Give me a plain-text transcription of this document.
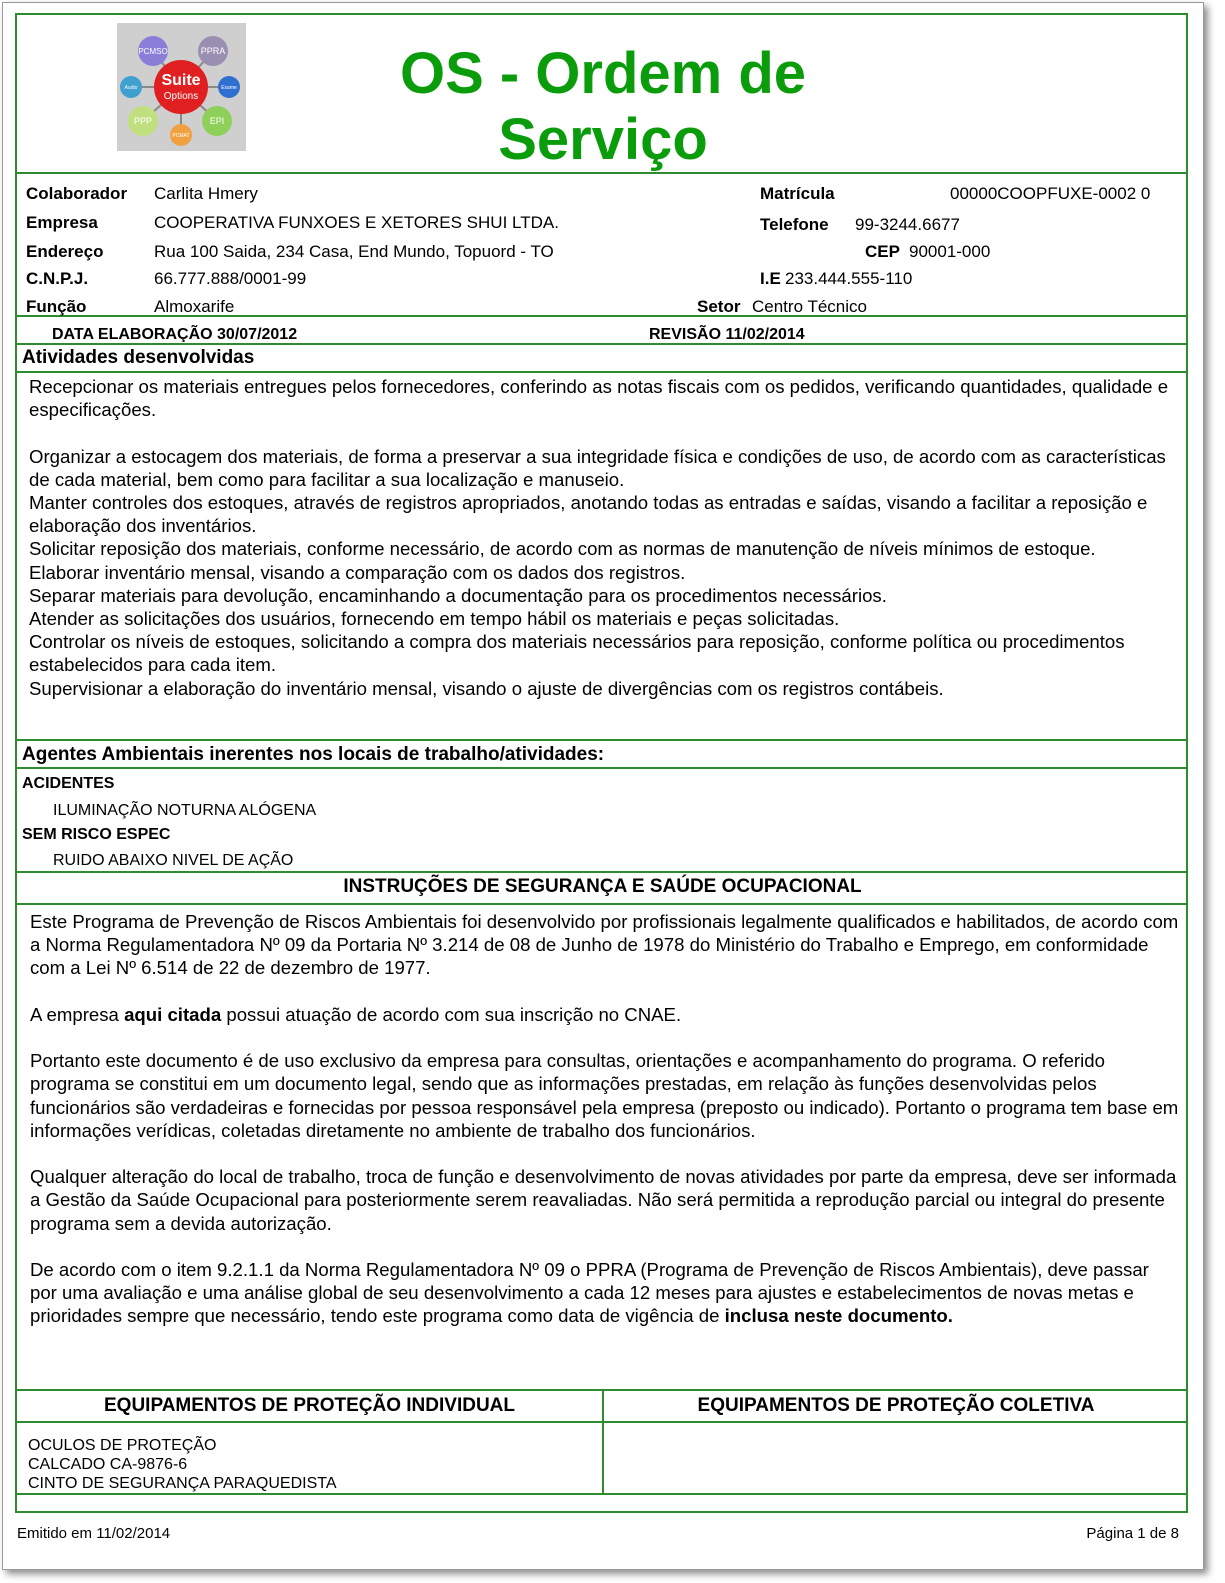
Suite
Options
PCMSO	PPRA
Exame
EPI
PCMAT
PPP
Audio	OS - Ordem de Serviço
Colaborador Carlita Hmery	Matrícula	00000COOPFUXE-0002 0
Empresa	COOPERATIVA FUNXOES E XETORES SHUI LTDA.	Telefone 99-3244.6677
Endereço	Rua 100 Saida, 234 Casa, End Mundo, Topuord - TO	CEP 90001-000
C.N.P.J.	66.777.888/0001-99	I.E 233.444.555-110
Função	Almoxarife	Setor Centro Técnico
DATA ELABORAÇÃO 30/07/2012	REVISÃO 11/02/2014
Atividades desenvolvidas

Recepcionar os materiais entregues pelos fornecedores, conferindo as notas fiscais com os pedidos, verificando quantidades, qualidade e especificações.

Organizar a estocagem dos materiais, de forma a preservar a sua integridade física e condições de uso, de acordo com as características de cada material, bem como para facilitar a sua localização e manuseio.

Manter controles dos estoques, através de registros apropriados, anotando todas as entradas e saídas, visando a facilitar a reposição e elaboração dos inventários.

Solicitar reposição dos materiais, conforme necessário, de acordo com as normas de manutenção de níveis mínimos de estoque.

Elaborar inventário mensal, visando a comparação com os dados dos registros.

Separar materiais para devolução, encaminhando a documentação para os procedimentos necessários.

Atender as solicitações dos usuários, fornecendo em tempo hábil os materiais e peças solicitadas.

Controlar os níveis de estoques, solicitando a compra dos materiais necessários para reposição, conforme política ou procedimentos estabelecidos para cada item.

Supervisionar a elaboração do inventário mensal, visando o ajuste de divergências com os registros contábeis.

Agentes Ambientais inerentes nos locais de trabalho/atividades:
ACIDENTES
ILUMINAÇÃO NOTURNA ALÓGENA
SEM RISCO ESPEC
RUIDO ABAIXO NIVEL DE AÇÃO
INSTRUÇÕES DE SEGURANÇA E SAÚDE OCUPACIONAL

Este Programa de Prevenção de Riscos Ambientais foi desenvolvido por profissionais legalmente qualificados e habilitados, de acordo com a Norma Regulamentadora Nº 09 da Portaria Nº 3.214 de 08 de Junho de 1978 do Ministério do Trabalho e Emprego, em conformidade com a Lei Nº 6.514 de 22 de dezembro de 1977.

A empresa aqui citada possui atuação de acordo com sua inscrição no CNAE.

Portanto este documento é de uso exclusivo da empresa para consultas, orientações e acompanhamento do programa. O referido programa se constitui em um documento legal, sendo que as informações prestadas, em relação às funções desenvolvidas pelos funcionários são verdadeiras e fornecidas por pessoa responsável pela empresa (preposto ou indicado). Portanto o programa tem base em informações verídicas, coletadas diretamente no ambiente de trabalho dos funcionários.

Qualquer alteração do local de trabalho, troca de função e desenvolvimento de novas atividades por parte da empresa, deve ser informada a Gestão da Saúde Ocupacional para posteriormente serem reavaliadas. Não será permitida a reprodução parcial ou integral do presente programa sem a devida autorização.

De acordo com o item 9.2.1.1 da Norma Regulamentadora Nº 09 o PPRA (Programa de Prevenção de Riscos Ambientais), deve passar por uma avaliação e uma análise global de seu desenvolvimento a cada 12 meses para ajustes e estabelecimentos de novas metas e prioridades sempre que necessário, tendo este programa como data de vigência de inclusa neste documento.

EQUIPAMENTOS DE PROTEÇÃO INDIVIDUAL	EQUIPAMENTOS DE PROTEÇÃO COLETIVA
OCULOS DE PROTEÇÃO
CALCADO CA-9876-6
CINTO DE SEGURANÇA PARAQUEDISTA
Emitido em 11/02/2014	Página 1 de 8
